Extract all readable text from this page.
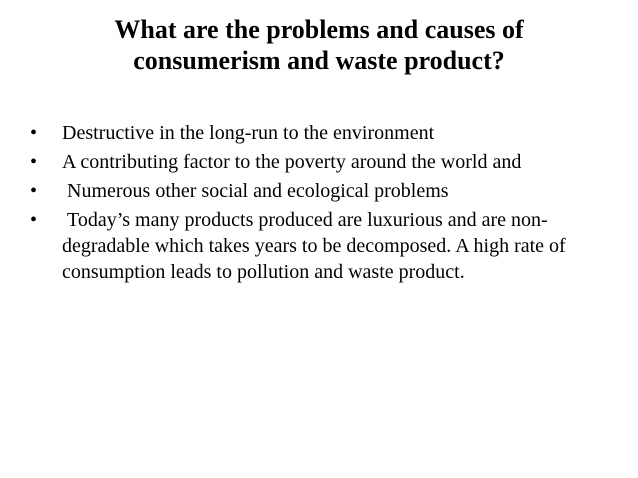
What are the problems and causes of
consumerism and waste product?
•	Destructive in the long-run to the environment
•	A contributing factor to the poverty around the world and
•	Numerous other social and ecological problems
•	Today’s many products produced are luxurious and are non-degradable which takes years to be decomposed. A high rate of consumption leads to pollution and waste product.
